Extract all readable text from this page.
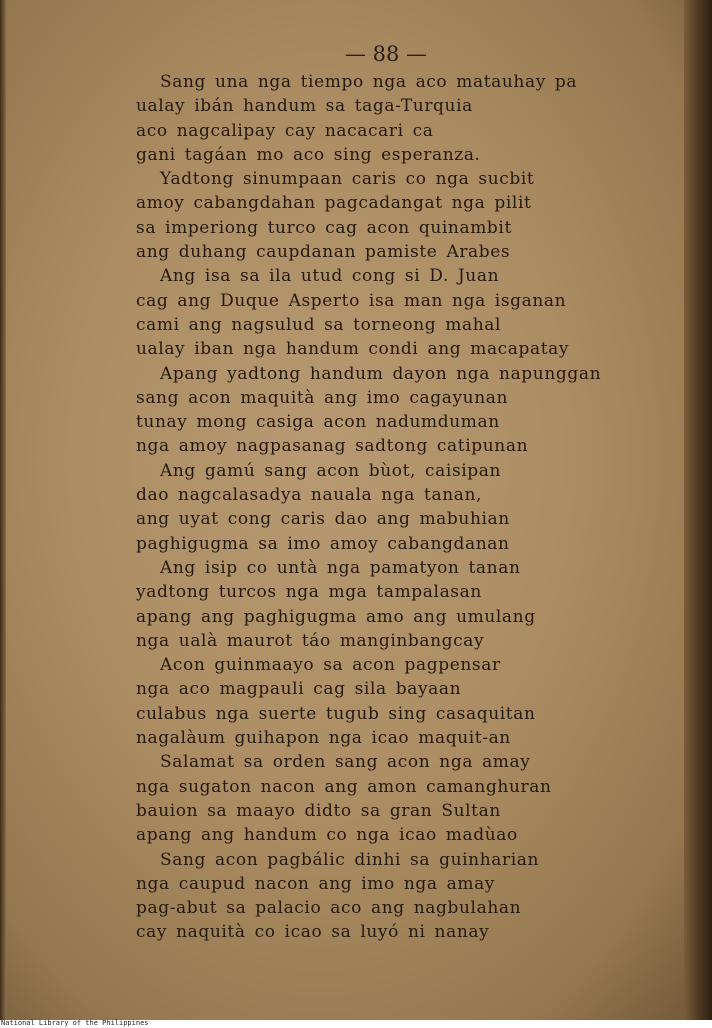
— 88 —
Sang una nga tiempo nga aco matauhay pa
ualay ibán handum sa taga-Turquia
aco nagcalipay cay nacacari ca
gani tagáan mo aco sing esperanza.
Yadtong sinumpaan caris co nga sucbit
amoy cabangdahan pagcadangat nga pilit
sa imperiong turco cag acon quinambit
ang duhang caupdanan pamiste Arabes
Ang isa sa ila utud cong si D. Juan
cag ang Duque Asperto isa man nga isganan
cami ang nagsulud sa torneong mahal
ualay iban nga handum condi ang macapatay
Apang yadtong handum dayon nga napunggan
sang acon maquità ang imo cagayunan
tunay mong casiga acon nadumduman
nga amoy nagpasanag sadtong catipunan
Ang gamú sang acon bùot, caisipan
dao nagcalasadya nauala nga tanan,
ang uyat cong caris dao ang mabuhian
paghigugma sa imo amoy cabangdanan
Ang isip co untà nga pamatyon tanan
yadtong turcos nga mga tampalasan
apang ang paghigugma amo ang umulang
nga ualà maurot táo manginbangcay
Acon guinmaayo sa acon pagpensar
nga aco magpauli cag sila bayaan
culabus nga suerte tugub sing casaquitan
nagalàum guihapon nga icao maquit-an
Salamat sa orden sang acon nga amay
nga sugaton nacon ang amon camanghuran
bauion sa maayo didto sa gran Sultan
apang ang handum co nga icao madùao
Sang acon pagbálic dinhi sa guinharian
nga caupud nacon ang imo nga amay
pag-abut sa palacio aco ang nagbulahan
cay naquità co icao sa luyó ni nanay
National Library of the Philippines
